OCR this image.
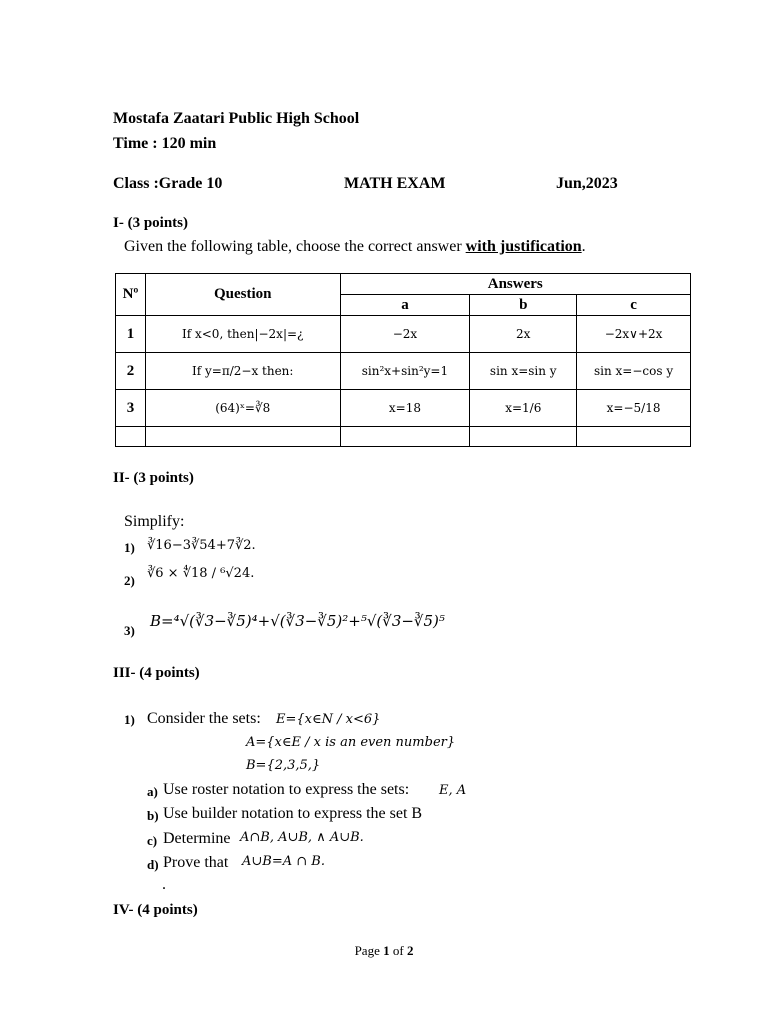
Mostafa Zaatari Public High School
Time : 120 min
Class :Grade 10	MATH EXAM	Jun,2023
I- (3 points)
Given the following table, choose the correct answer with justification.
Nº	Question	Answers		
		a	b	c
1	If x<0, then|−2x|=¿	−2x	2x	−2x∨+2x
2	If y=π/2−x then:	sin²x+sin²y=1	sin x=sin y	sin x=−cos y
3	(64)ˣ=∛8	x=18	x=1/6	x=−5/18

II- (3 points)
Simplify:
1) ∛16−3∛54+7∛2.
2) ∛6 × ∜18 / ⁶√24.
3)
B=⁴√(∛3−∛5)⁴+√(∛3−∛5)²+⁵√(∛3−∛5)⁵
III- (4 points)
1) Consider the sets: E={x∈N / x<6}
A={x∈E / x is an even number}
B={2,3,5,}
a) Use roster notation to express the sets: E, A
b) Use builder notation to express the set B
c) Determine A∩B, A∪B, ∧ A∪B.
d) Prove that A∪B=A ∩ B.
.
IV- (4 points)
Page 1 of 2
